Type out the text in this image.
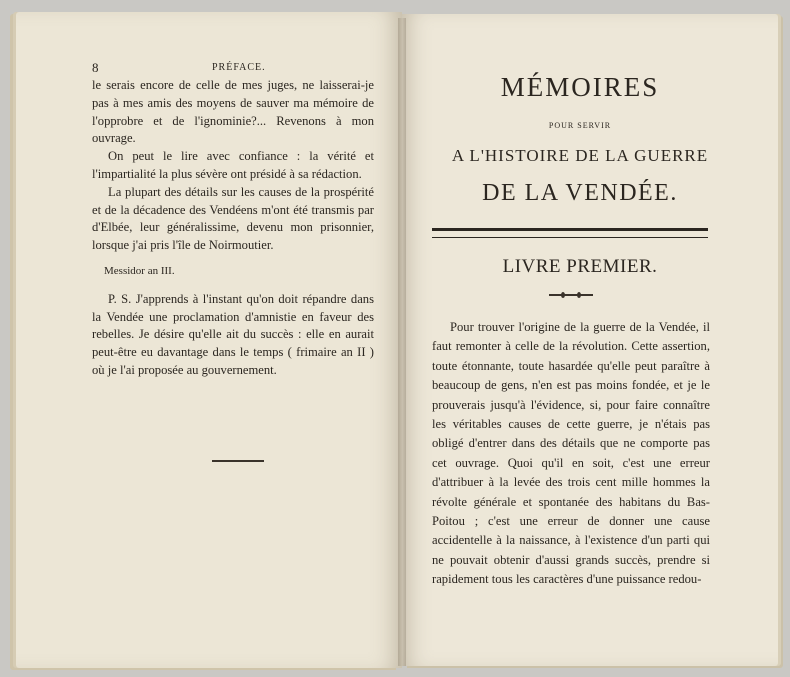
8	PRÉFACE.

le serais encore de celle de mes juges, ne laisserai-je pas à mes amis des moyens de sauver ma mémoire de l'opprobre et de l'ignominie?... Revenons à mon ouvrage.

On peut le lire avec confiance : la vérité et l'impartialité la plus sévère ont présidé à sa rédaction.

La plupart des détails sur les causes de la prospérité et de la décadence des Vendéens m'ont été transmis par d'Elbée, leur généralissime, devenu mon prisonnier, lorsque j'ai pris l'île de Noirmoutier.

Messidor an III.

P. S. J'apprends à l'instant qu'on doit répandre dans la Vendée une proclamation d'amnistie en faveur des rebelles. Je désire qu'elle ait du succès : elle en aurait peut-être eu davantage dans le temps ( frimaire an II ) où je l'ai proposée au gouvernement.

MÉMOIRES
POUR SERVIR
A L'HISTOIRE DE LA GUERRE
DE LA VENDÉE.
LIVRE PREMIER.

Pour trouver l'origine de la guerre de la Vendée, il faut remonter à celle de la révolution. Cette assertion, toute étonnante, toute hasardée qu'elle peut paraître à beaucoup de gens, n'en est pas moins fondée, et je le prouverais jusqu'à l'évidence, si, pour faire connaître les véritables causes de cette guerre, je n'étais pas obligé d'entrer dans des détails que ne comporte pas cet ouvrage. Quoi qu'il en soit, c'est une erreur d'attribuer à la levée des trois cent mille hommes la révolte générale et spontanée des habitans du Bas-Poitou ; c'est une erreur de donner une cause accidentelle à la naissance, à l'existence d'un parti qui ne pouvait obtenir d'aussi grands succès, prendre si rapidement tous les caractères d'une puissance redou-
